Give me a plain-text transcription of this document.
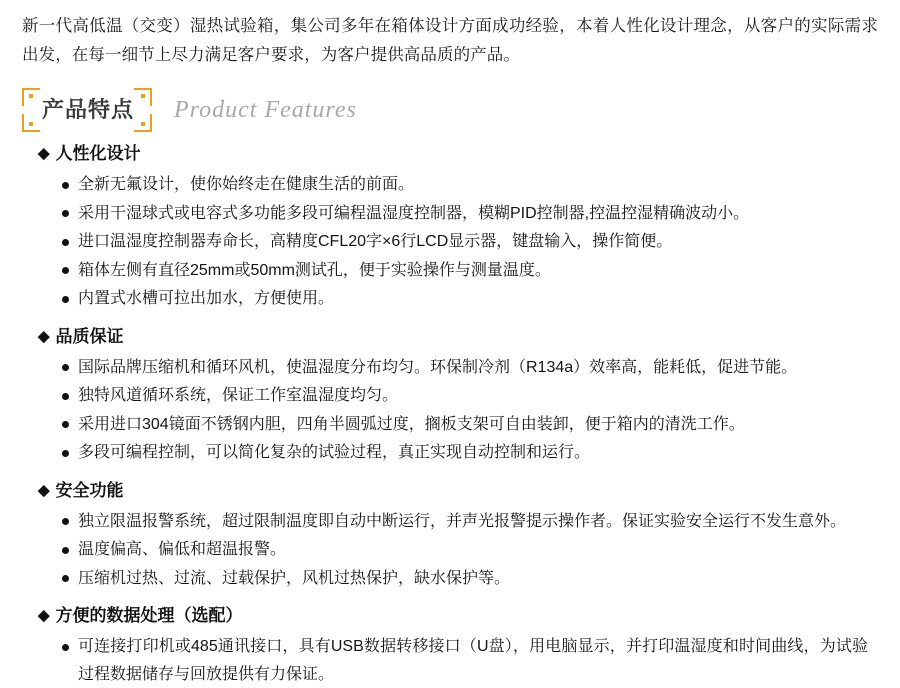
新一代高低温（交变）湿热试验箱，集公司多年在箱体设计方面成功经验，本着人性化设计理念，从客户的实际需求出发，在每一细节上尽力满足客户要求，为客户提供高品质的产品。

产品特点	Product Features
◆ 人性化设计
全新无氟设计，使你始终走在健康生活的前面。
采用干湿球式或电容式多功能多段可编程温湿度控制器，模糊PID控制器,控温控湿精确波动小。
进口温湿度控制器寿命长，高精度CFL20字×6行LCD显示器，键盘输入，操作简便。
箱体左侧有直径25mm或50mm测试孔，便于实验操作与测量温度。
内置式水槽可拉出加水，方便使用。
◆ 品质保证
国际品牌压缩机和循环风机，使温湿度分布均匀。环保制冷剂（R134a）效率高，能耗低，促进节能。
独特风道循环系统，保证工作室温湿度均匀。
采用进口304镜面不锈钢内胆，四角半圆弧过度，搁板支架可自由装卸，便于箱内的清洗工作。
多段可编程控制，可以简化复杂的试验过程，真正实现自动控制和运行。
◆ 安全功能
独立限温报警系统，超过限制温度即自动中断运行，并声光报警提示操作者。保证实验安全运行不发生意外。
温度偏高、偏低和超温报警。
压缩机过热、过流、过载保护，风机过热保护，缺水保护等。
◆ 方便的数据处理（选配）
可连接打印机或485通讯接口，具有USB数据转移接口（U盘），用电脑显示，并打印温湿度和时间曲线，为试验过程数据储存与回放提供有力保证。
